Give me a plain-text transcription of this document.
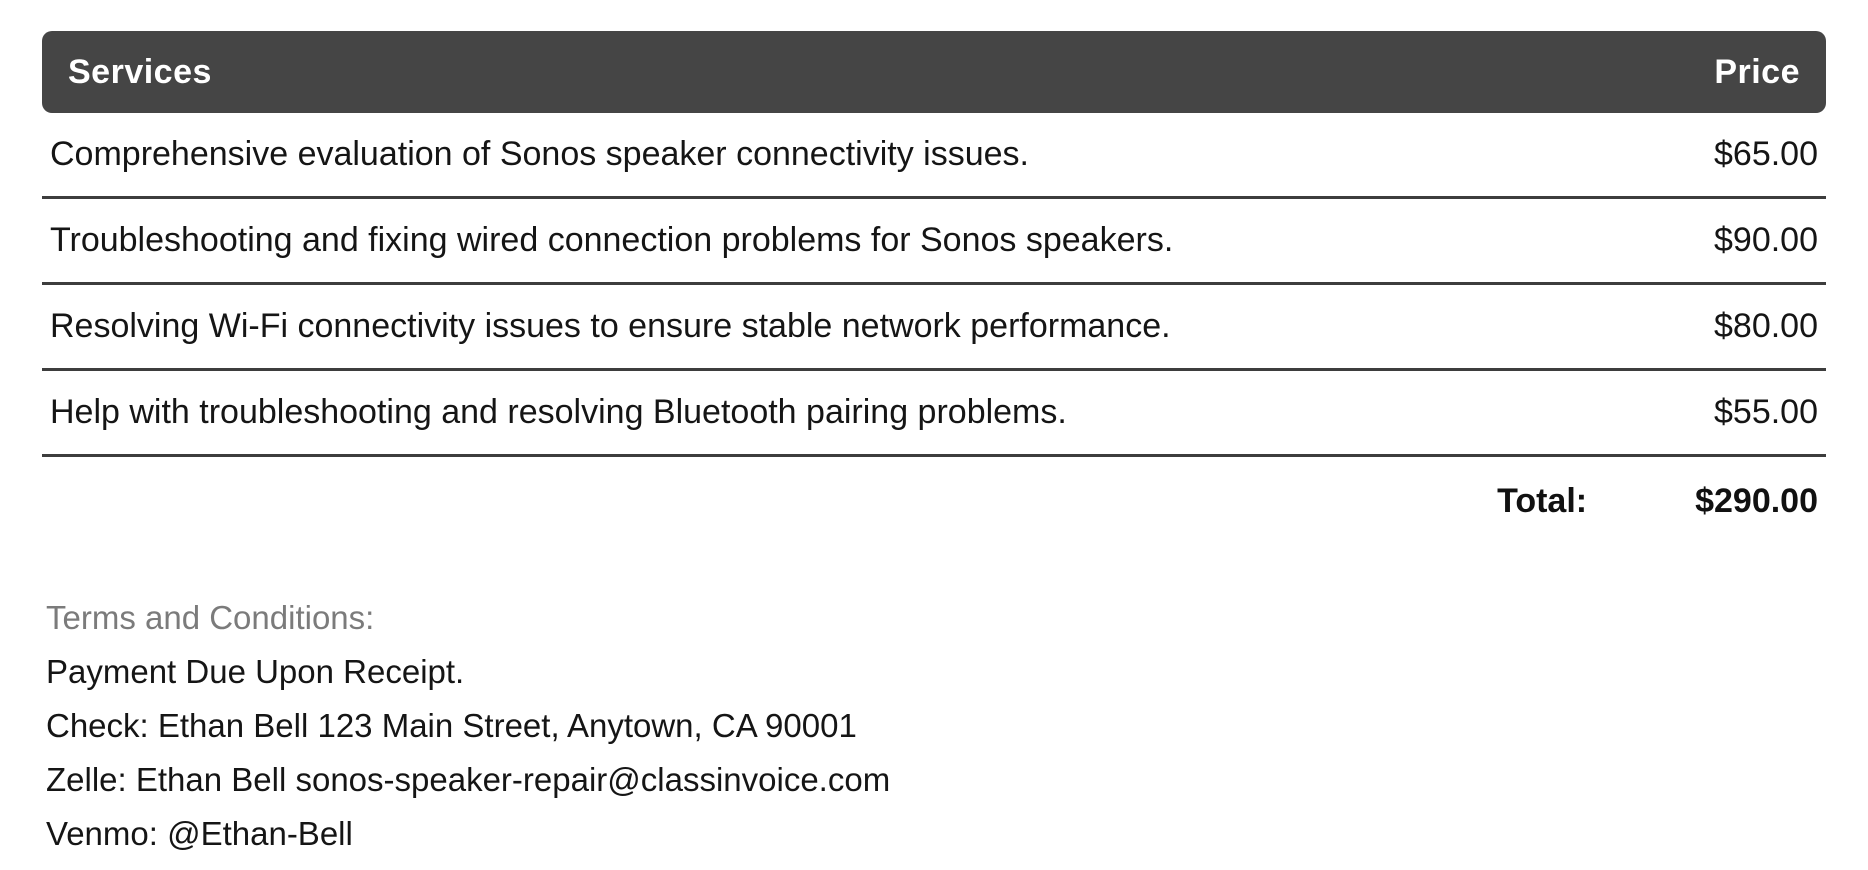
Services	Price
Comprehensive evaluation of Sonos speaker connectivity issues.	$65.00
Troubleshooting and fixing wired connection problems for Sonos speakers.	$90.00
Resolving Wi-Fi connectivity issues to ensure stable network performance.	$80.00
Help with troubleshooting and resolving Bluetooth pairing problems.	$55.00
Total:	$290.00
Terms and Conditions:
Payment Due Upon Receipt.
Check: Ethan Bell 123 Main Street, Anytown, CA 90001
Zelle: Ethan Bell sonos-speaker-repair@classinvoice.com
Venmo: @Ethan-Bell
